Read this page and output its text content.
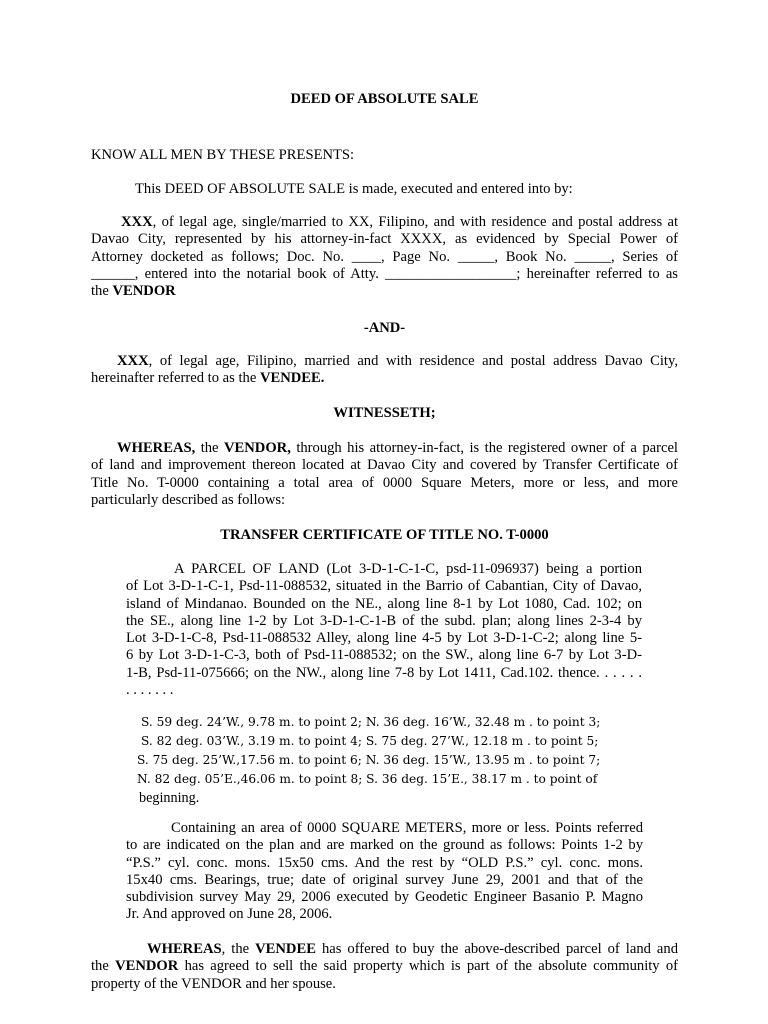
DEED OF ABSOLUTE SALE

KNOW ALL MEN BY THESE PRESENTS:

This DEED OF ABSOLUTE SALE is made, executed and entered into by:

XXX, of legal age, single/married to XX, Filipino, and with residence and postal address at
Davao City, represented by his attorney-in-fact XXXX, as evidenced by Special Power of
Attorney docketed as follows; Doc. No. ____, Page No. _____, Book No. _____, Series of
______, entered into the notarial book of Atty. __________________; hereinafter referred to as
the VENDOR

-AND-

XXX, of legal age, Filipino, married and with residence and postal address Davao City,
hereinafter referred to as the VENDEE.

WITNESSETH;

WHEREAS, the VENDOR, through his attorney-in-fact, is the registered owner of a parcel
of land and improvement thereon located at Davao City and covered by Transfer Certificate of
Title No. T-0000 containing a total area of 0000 Square Meters, more or less, and more
particularly described as follows:

TRANSFER CERTIFICATE OF TITLE NO. T-0000

A PARCEL OF LAND (Lot 3-D-1-C-1-C, psd-11-096937) being a portion
of Lot 3-D-1-C-1, Psd-11-088532, situated in the Barrio of Cabantian, City of Davao,
island of Mindanao. Bounded on the NE., along line 8-1 by Lot 1080, Cad. 102; on
the SE., along line 1-2 by Lot 3-D-1-C-1-B of the subd. plan; along lines 2-3-4 by
Lot 3-D-1-C-8, Psd-11-088532 Alley, along line 4-5 by Lot 3-D-1-C-2; along line 5-
6 by Lot 3-D-1-C-3, both of Psd-11-088532; on the SW., along line 6-7 by Lot 3-D-
1-B, Psd-11-075666; on the NW., along line 7-8 by Lot 1411, Cad.102. thence. . . . . .
. . . . . . .
S. 59 deg. 24’W., 9.78 m. to point 2; N. 36 deg. 16’W., 32.48 m . to point 3;
S. 82 deg. 03’W., 3.19 m. to point 4; S. 75 deg. 27’W., 12.18 m . to point 5;
S. 75 deg. 25’W.,17.56 m. to point 6; N. 36 deg. 15’W., 13.95 m . to point 7;
N. 82 deg. 05’E.,46.06 m. to point 8; S. 36 deg. 15’E., 38.17 m . to point of
beginning.
Containing an area of 0000 SQUARE METERS, more or less. Points referred
to are indicated on the plan and are marked on the ground as follows: Points 1-2 by
“P.S.” cyl. conc. mons. 15x50 cms. And the rest by “OLD P.S.” cyl. conc. mons.
15x40 cms. Bearings, true; date of original survey June 29, 2001 and that of the
subdivision survey May 29, 2006 executed by Geodetic Engineer Basanio P. Magno
Jr. And approved on June 28, 2006.
WHEREAS, the VENDEE has offered to buy the above-described parcel of land and
the VENDOR has agreed to sell the said property which is part of the absolute community of
property of the VENDOR and her spouse.
